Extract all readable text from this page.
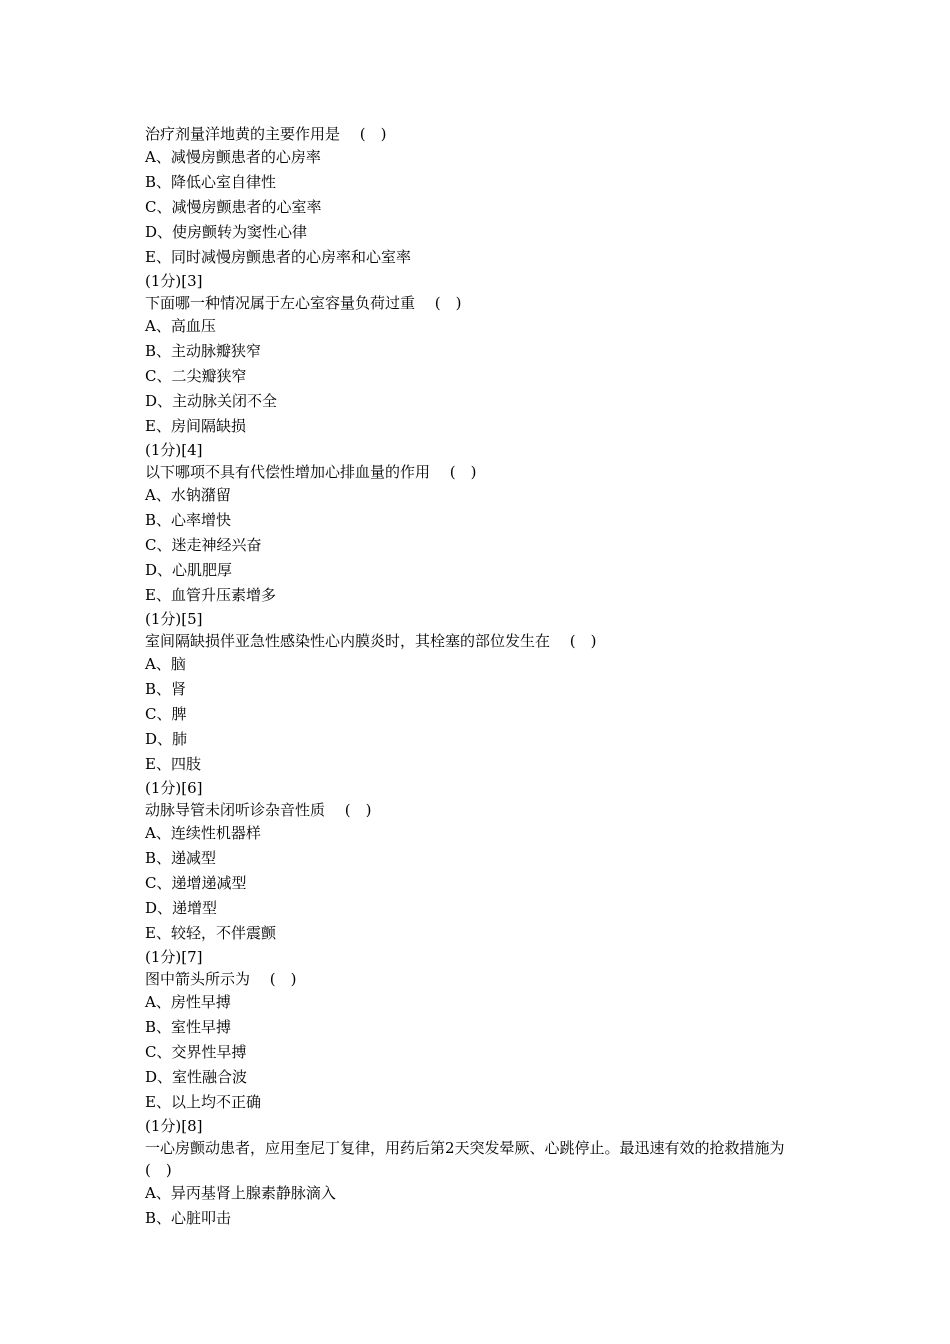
治疗剂量洋地黄的主要作用是　 (　)
A、减慢房颤患者的心房率
B、降低心室自律性
C、减慢房颤患者的心室率
D、使房颤转为窦性心律
E、同时减慢房颤患者的心房率和心室率
(1分)[3]
下面哪一种情况属于左心室容量负荷过重　 (　)
A、高血压
B、主动脉瓣狭窄
C、二尖瓣狭窄
D、主动脉关闭不全
E、房间隔缺损
(1分)[4]
以下哪项不具有代偿性增加心排血量的作用　 (　)
A、水钠潴留
B、心率增快
C、迷走神经兴奋
D、心肌肥厚
E、血管升压素增多
(1分)[5]
室间隔缺损伴亚急性感染性心内膜炎时，其栓塞的部位发生在　 (　)
A、脑
B、肾
C、脾
D、肺
E、四肢
(1分)[6]
动脉导管未闭听诊杂音性质　 (　)
A、连续性机器样
B、递减型
C、递增递减型
D、递增型
E、较轻，不伴震颤
(1分)[7]
图中箭头所示为　 (　)
A、房性早搏
B、室性早搏
C、交界性早搏
D、室性融合波
E、以上均不正确
(1分)[8]
一心房颤动患者，应用奎尼丁复律，用药后第2天突发晕厥、心跳停止。最迅速有效的抢救措施为　 (　)
A、异丙基肾上腺素静脉滴入
B、心脏叩击
